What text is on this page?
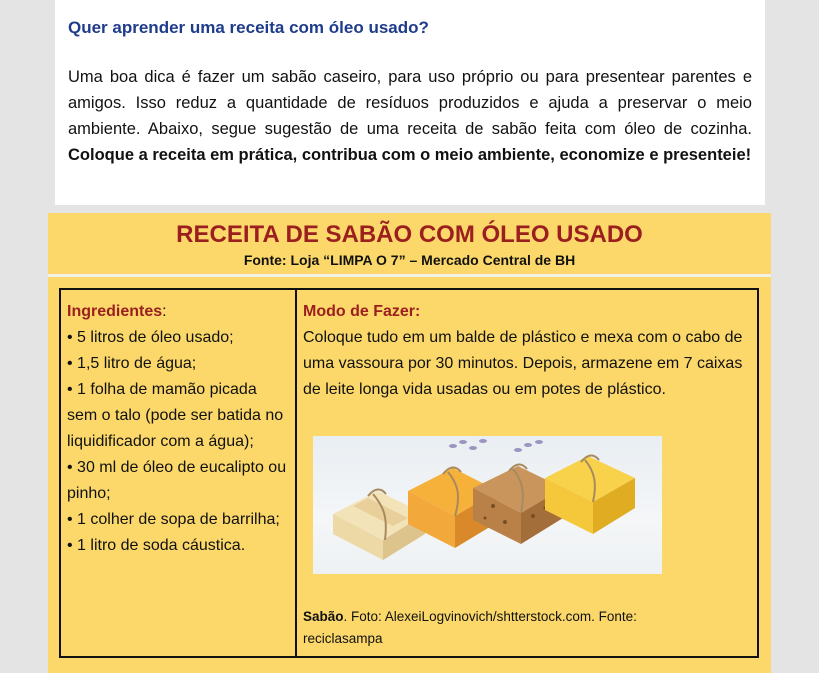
Quer aprender uma receita com óleo usado?

Uma boa dica é fazer um sabão caseiro, para uso próprio ou para presentear parentes e amigos. Isso reduz a quantidade de resíduos produzidos e ajuda a preservar o meio ambiente. Abaixo, segue sugestão de uma receita de sabão feita com óleo de cozinha. Coloque a receita em prática, contribua com o meio ambiente, economize e presenteie!

RECEITA DE SABÃO COM ÓLEO USADO
Fonte: Loja “LIMPA O 7” – Mercado Central de BH
Ingredientes:
• 5 litros de óleo usado;
• 1,5 litro de água;
• 1 folha de mamão picada sem o talo (pode ser batida no liquidificador com a água);
• 30 ml de óleo de eucalipto ou pinho;
• 1 colher de sopa de barrilha;
• 1 litro de soda cáustica.
Modo de Fazer:
Coloque tudo em um balde de plástico e mexa com o cabo de uma vassoura por 30 minutos. Depois, armazene em 7 caixas de leite longa vida usadas ou em potes de plástico.
Sabão. Foto: AlexeiLogvinovich/shtterstock.com. Fonte: reciclasampa
